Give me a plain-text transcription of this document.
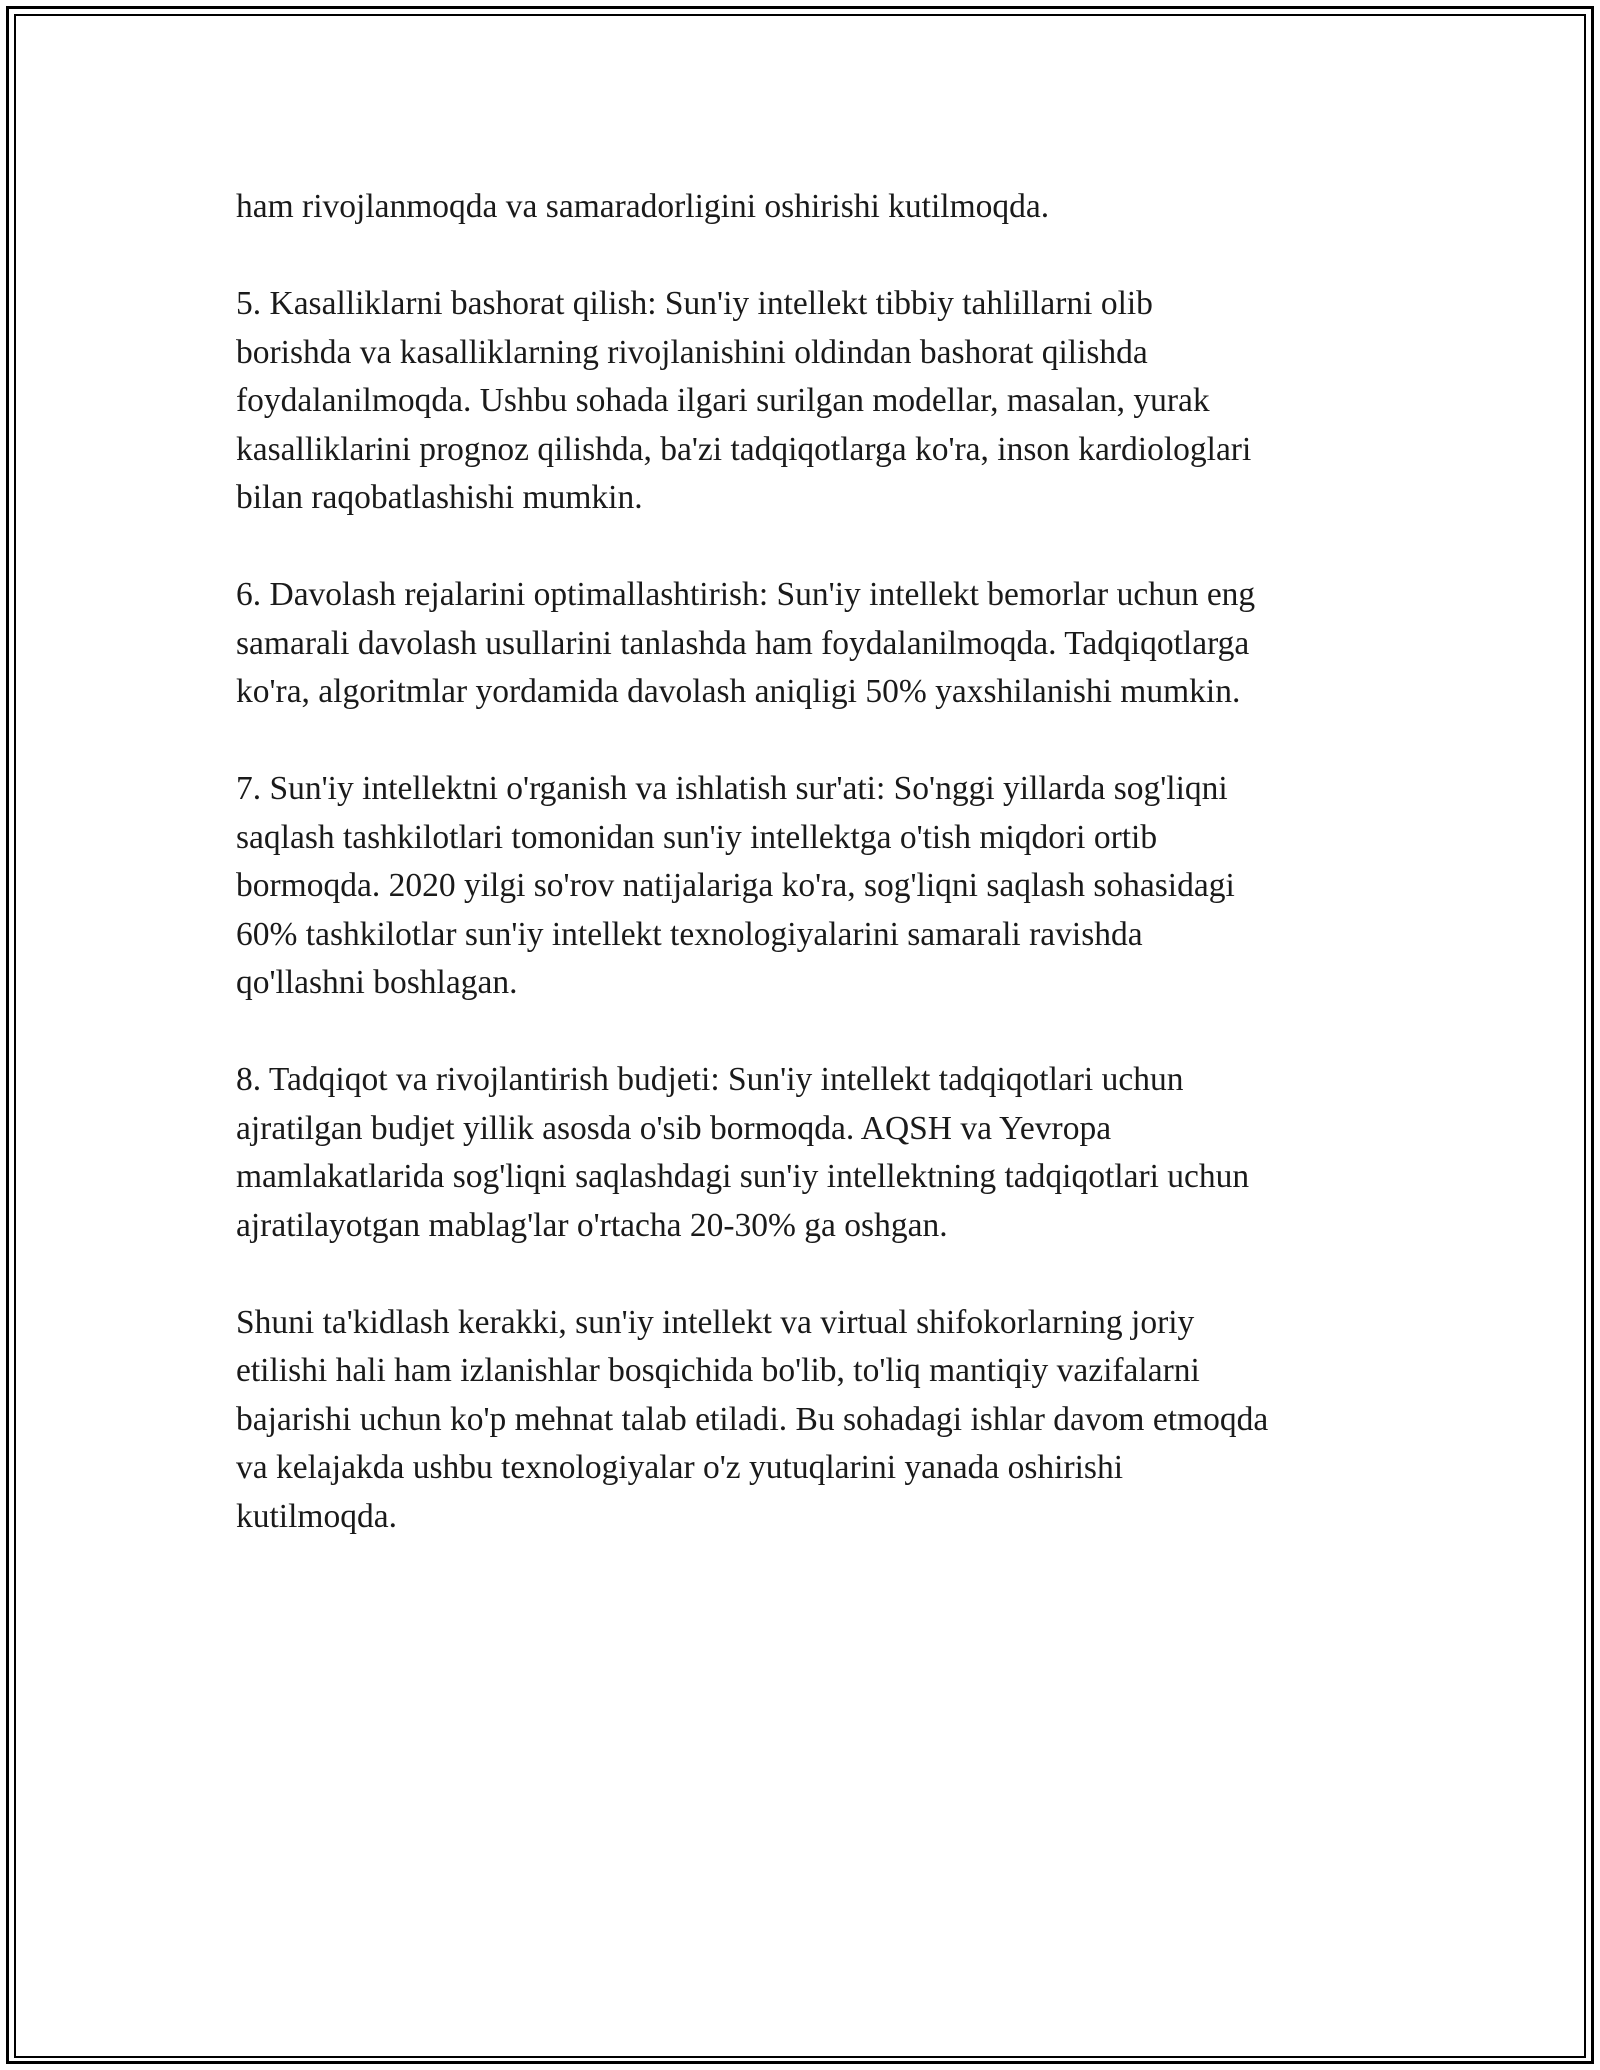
ham rivojlanmoqda va samaradorligini oshirishi kutilmoqda.

5. Kasalliklarni bashorat qilish: Sun'iy intellekt tibbiy tahlillarni olib
borishda va kasalliklarning rivojlanishini oldindan bashorat qilishda
foydalanilmoqda. Ushbu sohada ilgari surilgan modellar, masalan, yurak
kasalliklarini prognoz qilishda, ba'zi tadqiqotlarga ko'ra, inson kardiologlari
bilan raqobatlashishi mumkin.

6. Davolash rejalarini optimallashtirish: Sun'iy intellekt bemorlar uchun eng
samarali davolash usullarini tanlashda ham foydalanilmoqda. Tadqiqotlarga
ko'ra, algoritmlar yordamida davolash aniqligi 50% yaxshilanishi mumkin.

7. Sun'iy intellektni o'rganish va ishlatish sur'ati: So'nggi yillarda sog'liqni
saqlash tashkilotlari tomonidan sun'iy intellektga o'tish miqdori ortib
bormoqda. 2020 yilgi so'rov natijalariga ko'ra, sog'liqni saqlash sohasidagi
60% tashkilotlar sun'iy intellekt texnologiyalarini samarali ravishda
qo'llashni boshlagan.

8. Tadqiqot va rivojlantirish budjeti: Sun'iy intellekt tadqiqotlari uchun
ajratilgan budjet yillik asosda o'sib bormoqda. AQSH va Yevropa
mamlakatlarida sog'liqni saqlashdagi sun'iy intellektning tadqiqotlari uchun
ajratilayotgan mablag'lar o'rtacha 20-30% ga oshgan.

Shuni ta'kidlash kerakki, sun'iy intellekt va virtual shifokorlarning joriy
etilishi hali ham izlanishlar bosqichida bo'lib, to'liq mantiqiy vazifalarni
bajarishi uchun ko'p mehnat talab etiladi. Bu sohadagi ishlar davom etmoqda
va kelajakda ushbu texnologiyalar o'z yutuqlarini yanada oshirishi
kutilmoqda.
